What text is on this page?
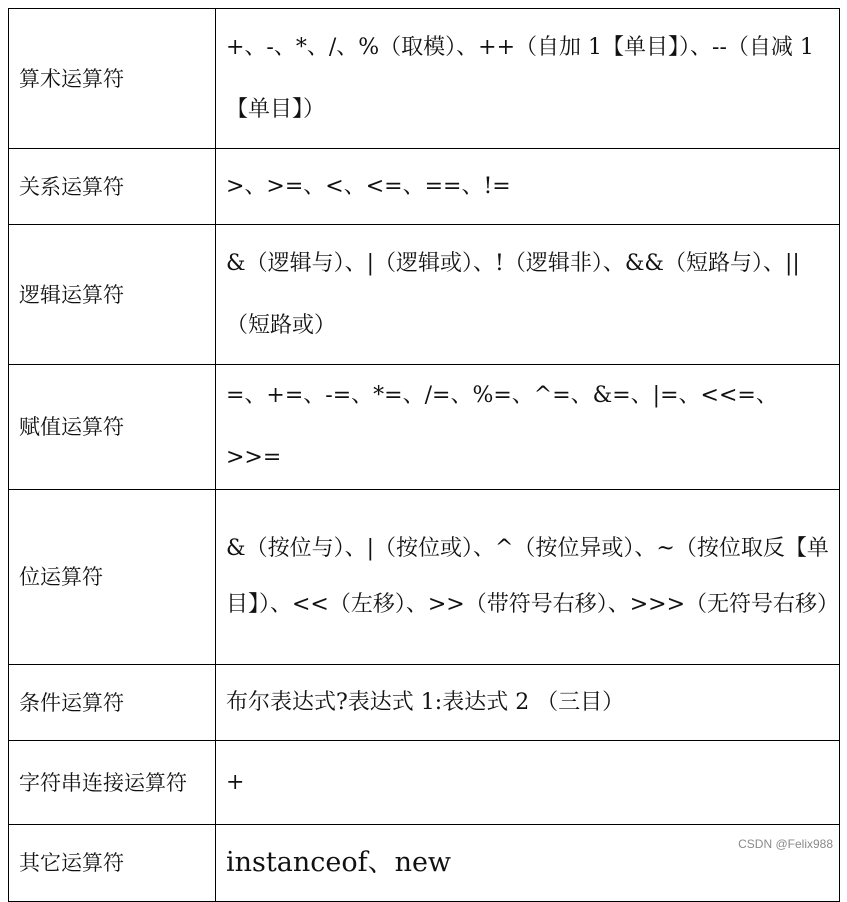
算术运算符	+、-、*、/、%（取模）、++（自加 1【单目】）、--（自减 1【单目】）
关系运算符	>、>=、<、<=、==、!=
逻辑运算符	&（逻辑与）、|（逻辑或）、!（逻辑非）、&&（短路与）、||（短路或）
赋值运算符	=、+=、-=、*=、/=、%=、^=、&=、|=、<<=、>>=
位运算符	&（按位与）、|（按位或）、^（按位异或）、~（按位取反【单目】）、<<（左移）、>>（带符号右移）、>>>（无符号右移）
条件运算符	布尔表达式?表达式 1:表达式 2 （三目）
字符串连接运算符	+
其它运算符	instanceof、new
CSDN @Felix988
